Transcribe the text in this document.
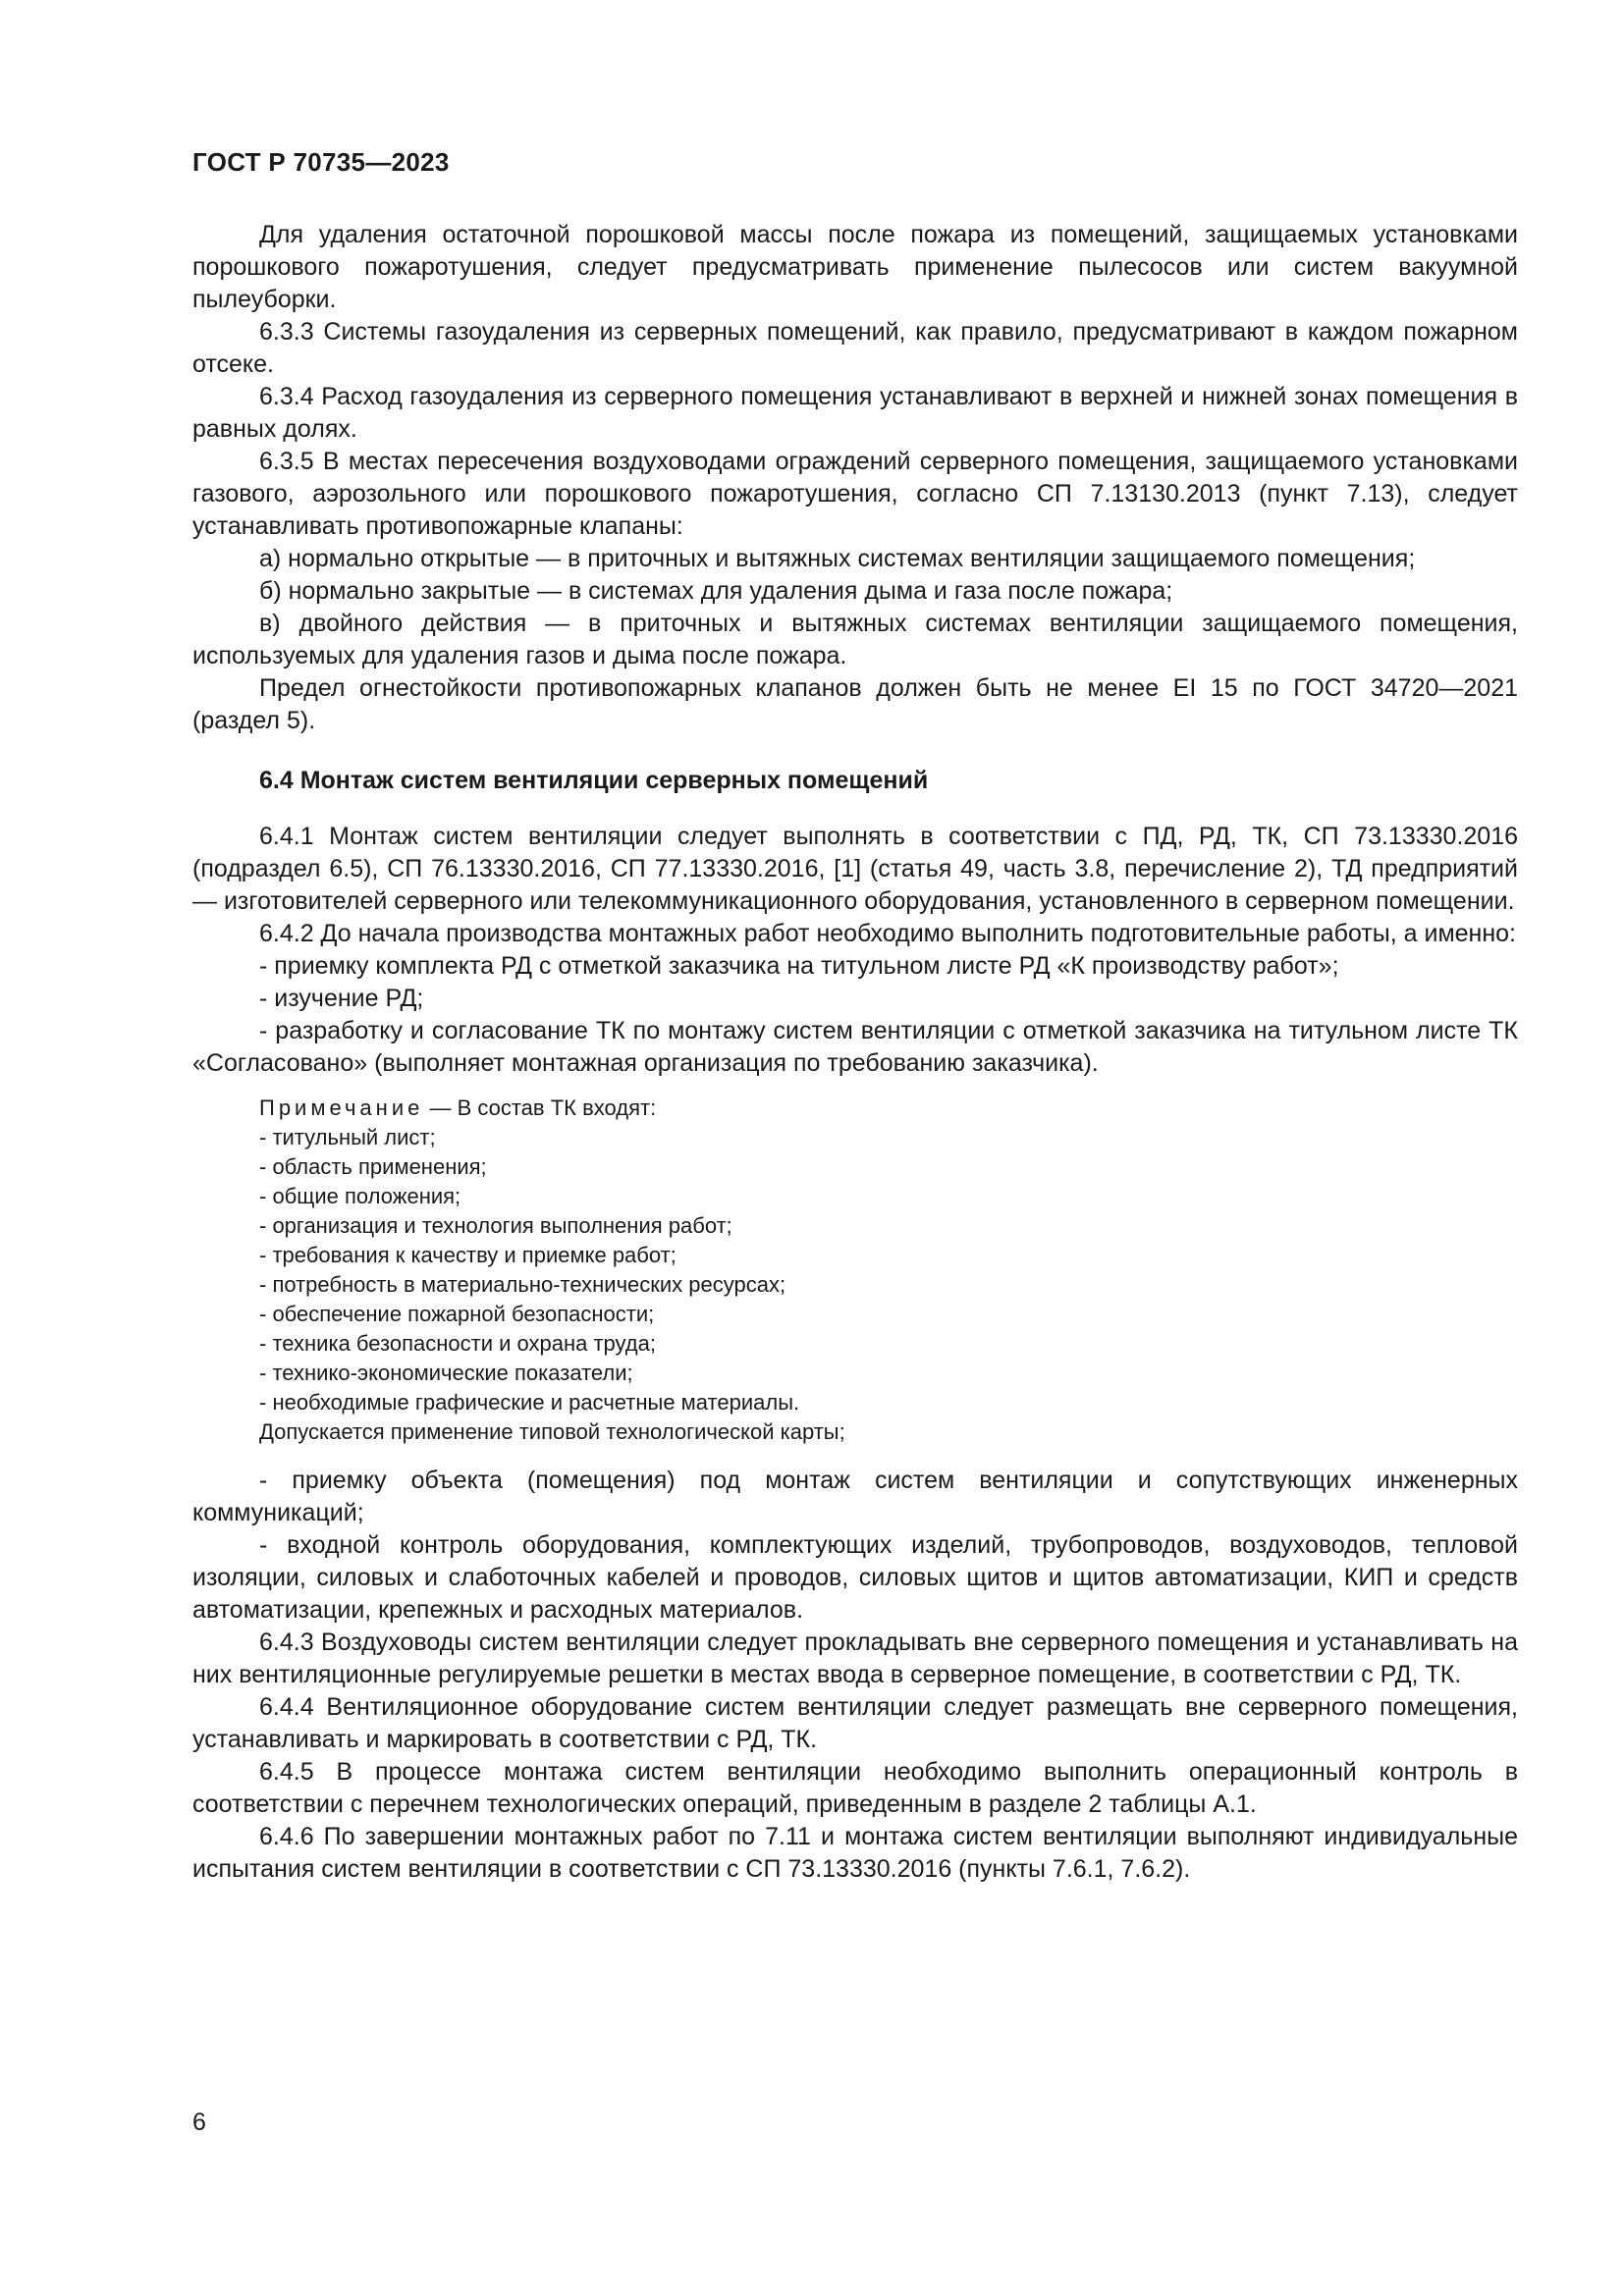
ГОСТ Р 70735—2023

Для удаления остаточной порошковой массы после пожара из помещений, защищаемых установками порошкового пожаротушения, следует предусматривать применение пылесосов или систем вакуумной пылеуборки.

6.3.3 Системы газоудаления из серверных помещений, как правило, предусматривают в каждом пожарном отсеке.

6.3.4 Расход газоудаления из серверного помещения устанавливают в верхней и нижней зонах помещения в равных долях.

6.3.5 В местах пересечения воздуховодами ограждений серверного помещения, защищаемого установками газового, аэрозольного или порошкового пожаротушения, согласно СП 7.13130.2013 (пункт 7.13), следует устанавливать противопожарные клапаны:

а) нормально открытые — в приточных и вытяжных системах вентиляции защищаемого помещения;

б) нормально закрытые — в системах для удаления дыма и газа после пожара;

в) двойного действия — в приточных и вытяжных системах вентиляции защищаемого помещения, используемых для удаления газов и дыма после пожара.

Предел огнестойкости противопожарных клапанов должен быть не менее EI 15 по ГОСТ 34720—2021 (раздел 5).

6.4 Монтаж систем вентиляции серверных помещений

6.4.1 Монтаж систем вентиляции следует выполнять в соответствии с ПД, РД, ТК, СП 73.13330.2016 (подраздел 6.5), СП 76.13330.2016, СП 77.13330.2016, [1] (статья 49, часть 3.8, перечисление 2), ТД предприятий — изготовителей серверного или телекоммуникационного оборудования, установленного в серверном помещении.

6.4.2 До начала производства монтажных работ необходимо выполнить подготовительные работы, а именно:

- приемку комплекта РД с отметкой заказчика на титульном листе РД «К производству работ»;

- изучение РД;

- разработку и согласование ТК по монтажу систем вентиляции с отметкой заказчика на титульном листе ТК «Согласовано» (выполняет монтажная организация по требованию заказчика).

Примечание — В состав ТК входят:
- титульный лист;
- область применения;
- общие положения;
- организация и технология выполнения работ;
- требования к качеству и приемке работ;
- потребность в материально-технических ресурсах;
- обеспечение пожарной безопасности;
- техника безопасности и охрана труда;
- технико-экономические показатели;
- необходимые графические и расчетные материалы.
Допускается применение типовой технологической карты;

- приемку объекта (помещения) под монтаж систем вентиляции и сопутствующих инженерных коммуникаций;

- входной контроль оборудования, комплектующих изделий, трубопроводов, воздуховодов, тепловой изоляции, силовых и слаботочных кабелей и проводов, силовых щитов и щитов автоматизации, КИП и средств автоматизации, крепежных и расходных материалов.

6.4.3 Воздуховоды систем вентиляции следует прокладывать вне серверного помещения и устанавливать на них вентиляционные регулируемые решетки в местах ввода в серверное помещение, в соответствии с РД, ТК.

6.4.4 Вентиляционное оборудование систем вентиляции следует размещать вне серверного помещения, устанавливать и маркировать в соответствии с РД, ТК.

6.4.5 В процессе монтажа систем вентиляции необходимо выполнить операционный контроль в соответствии с перечнем технологических операций, приведенным в разделе 2 таблицы А.1.

6.4.6 По завершении монтажных работ по 7.11 и монтажа систем вентиляции выполняют индивидуальные испытания систем вентиляции в соответствии с СП 73.13330.2016 (пункты 7.6.1, 7.6.2).

6
